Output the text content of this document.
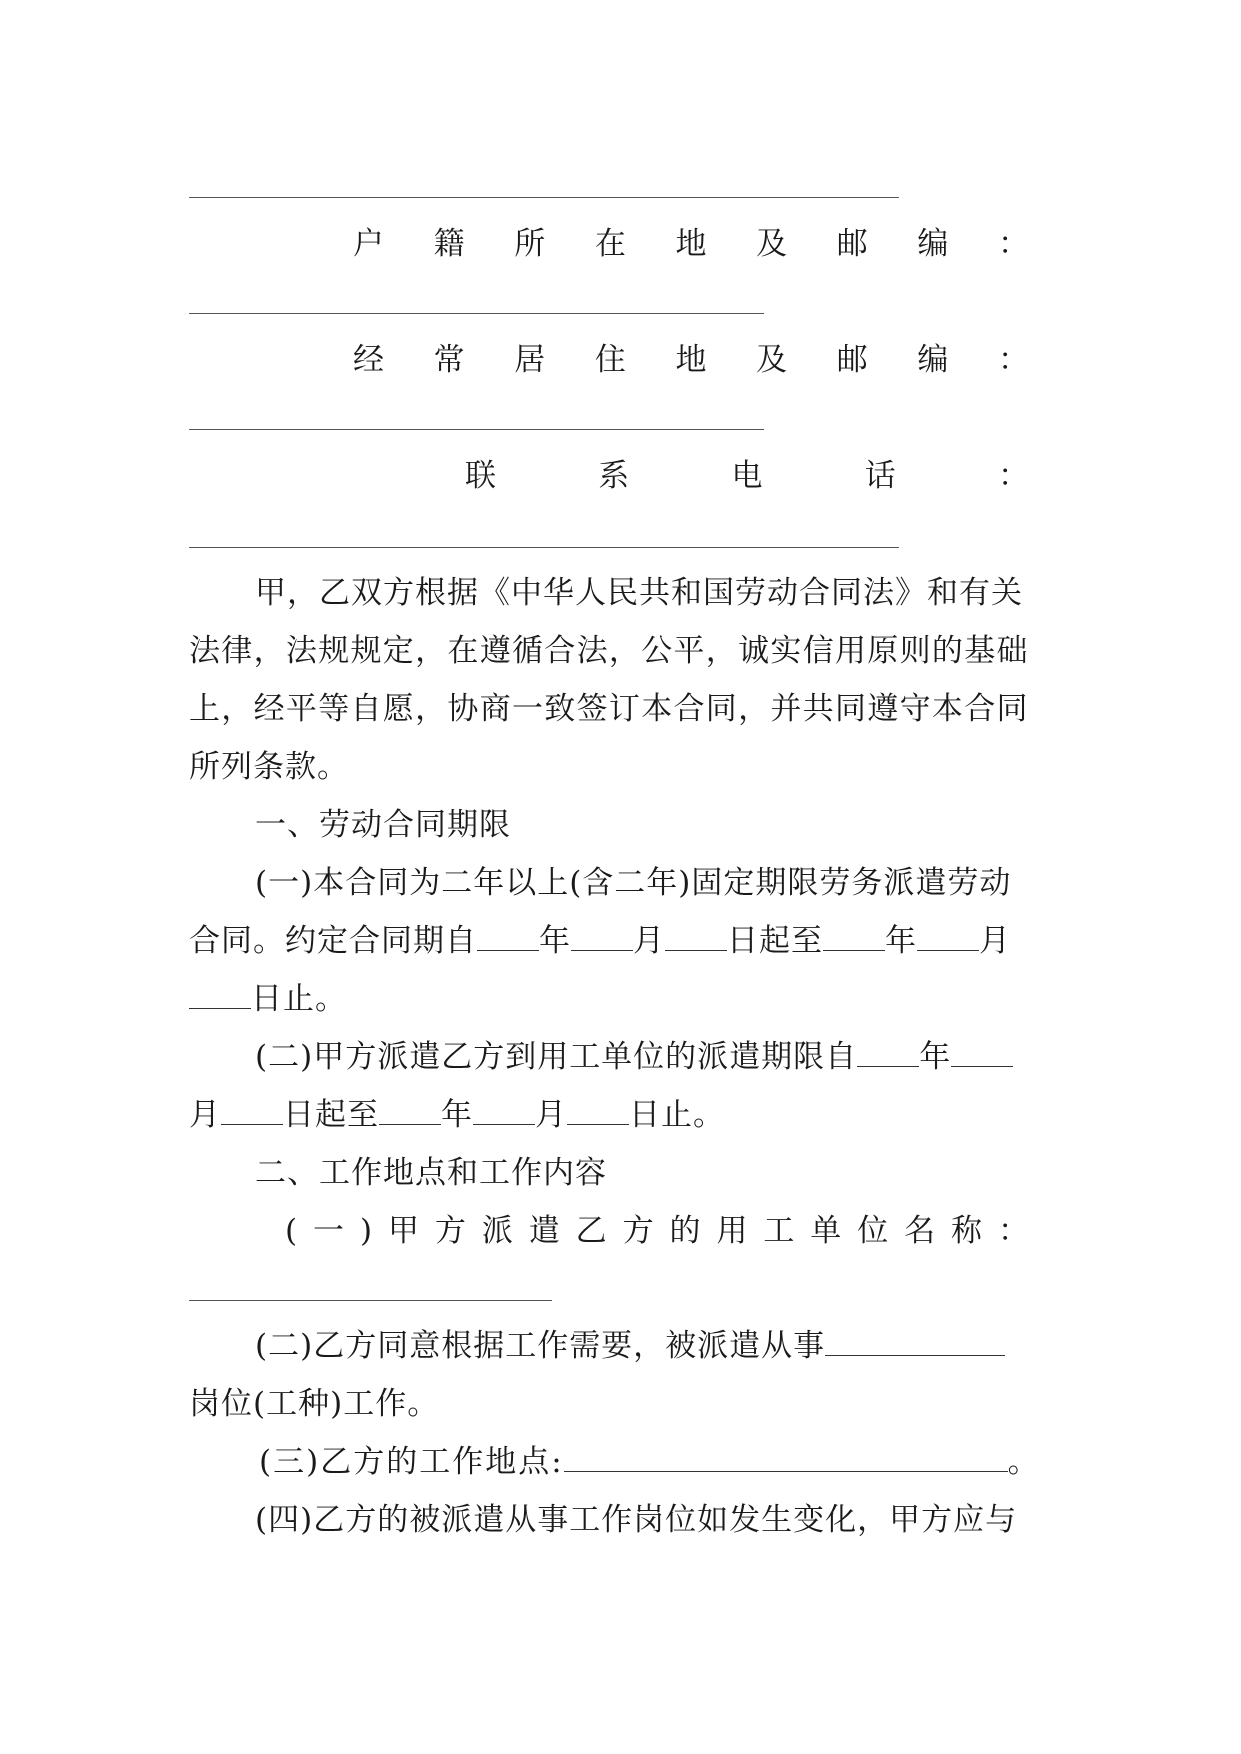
户 籍 所 在 地 及 邮 编 ：
经 常 居 住 地 及 邮 编 ：
联	系	电	话	：
甲，乙双方根据《中华人民共和国劳动合同法》和有关
法律，法规规定，在遵循合法，公平，诚实信用原则的基础
上，经平等自愿，协商一致签订本合同，并共同遵守本合同
所列条款。
一、劳动合同期限
(一)本合同为二年以上(含二年)固定期限劳务派遣劳动
合同。约定合同期自 年 月 日起至 年 月
日止。
(二)甲方派遣乙方到用工单位的派遣期限自 年
月 日起至 年 月 日止。
二、工作地点和工作内容
( 一 ) 甲 方 派 遣 乙 方 的 用 工 单 位 名 称 ：
(二)乙方同意根据工作需要，被派遣从事
岗位(工种)工作。
(三)乙方的工作地点:	。
(四)乙方的被派遣从事工作岗位如发生变化，甲方应与
